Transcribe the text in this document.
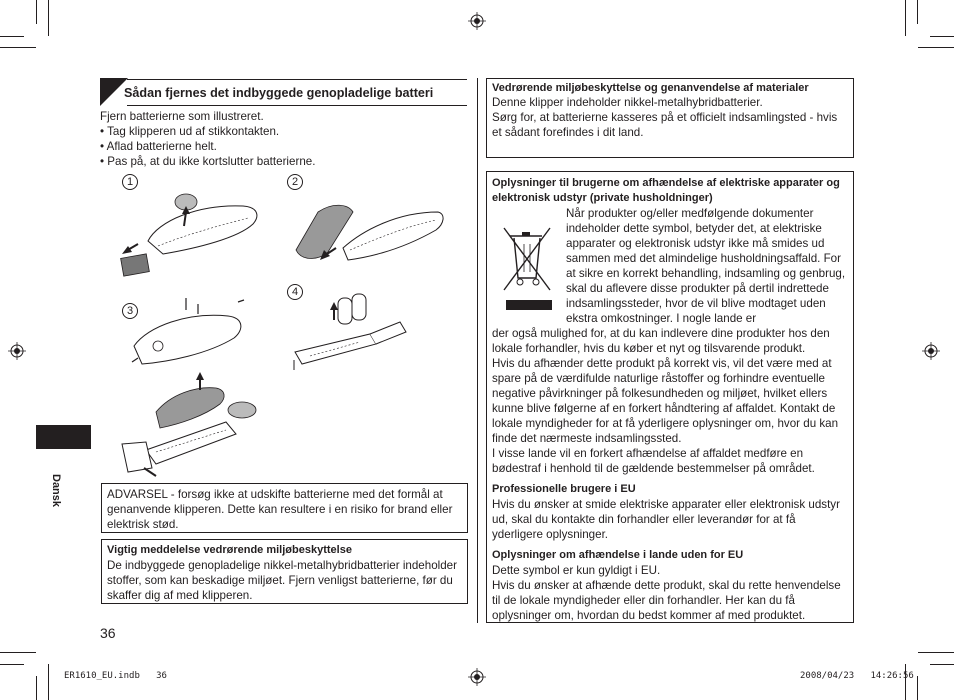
Dansk
Sådan fjernes det indbyggede genopladelige batteri
Fjern batterierne som illustreret.
• Tag klipperen ud af stikkontakten.
• Aflad batterierne helt.
• Pas på, at du ikke kortslutter batterierne.
1	2
3
4

ADVARSEL - forsøg ikke at udskifte batterierne med det formål at genanvende klipperen. Dette kan resultere i en risiko for brand eller elektrisk stød.

Vigtig meddelelse vedrørende miljøbeskyttelse

De indbyggede genopladelige nikkel-metalhybridbatterier indeholder stoffer, som kan beskadige miljøet. Fjern venligst batterierne, før du skaffer dig af med klipperen.

36

Vedrørende miljøbeskyttelse og genanvendelse af materialer

Denne klipper indeholder nikkel-metalhybridbatterier.

Sørg for, at batterierne kasseres på et officielt indsamlingsted - hvis et sådant forefindes i dit land.

Oplysninger til brugerne om afhændelse af elektriske apparater og elektronisk udstyr (private husholdninger)

Når produkter og/eller medfølgende dokumenter indeholder dette symbol, betyder det, at elektriske apparater og elektronisk udstyr ikke må smides ud sammen med det almindelige husholdningsaffald. For at sikre en korrekt behandling, indsamling og genbrug, skal du aflevere disse produkter på dertil indrettede indsamlingssteder, hvor de vil blive modtaget uden ekstra omkostninger. I nogle lande er

der også mulighed for, at du kan indlevere dine produkter hos den lokale forhandler, hvis du køber et nyt og tilsvarende produkt.

Hvis du afhænder dette produkt på korrekt vis, vil det være med at spare på de værdifulde naturlige råstoffer og forhindre eventuelle negative påvirkninger på folkesundheden og miljøet, hvilket ellers kunne blive følgerne af en forkert håndtering af affaldet. Kontakt de lokale myndigheder for at få yderligere oplysninger om, hvor du kan finde det nærmeste indsamlingssted.

I visse lande vil en forkert afhændelse af affaldet medføre en bødestraf i henhold til de gældende bestemmelser på området.

Professionelle brugere i EU

Hvis du ønsker at smide elektriske apparater eller elektronisk udstyr ud, skal du kontakte din forhandler eller leverandør for at få yderligere oplysninger.

Oplysninger om afhændelse i lande uden for EU

Dette symbol er kun gyldigt i EU.

Hvis du ønsker at afhænde dette produkt, skal du rette henvendelse til de lokale myndigheder eller din forhandler. Her kan du få oplysninger om, hvordan du bedst kommer af med produktet.

ER1610_EU.indb   36	2008/04/23   14:26:56
